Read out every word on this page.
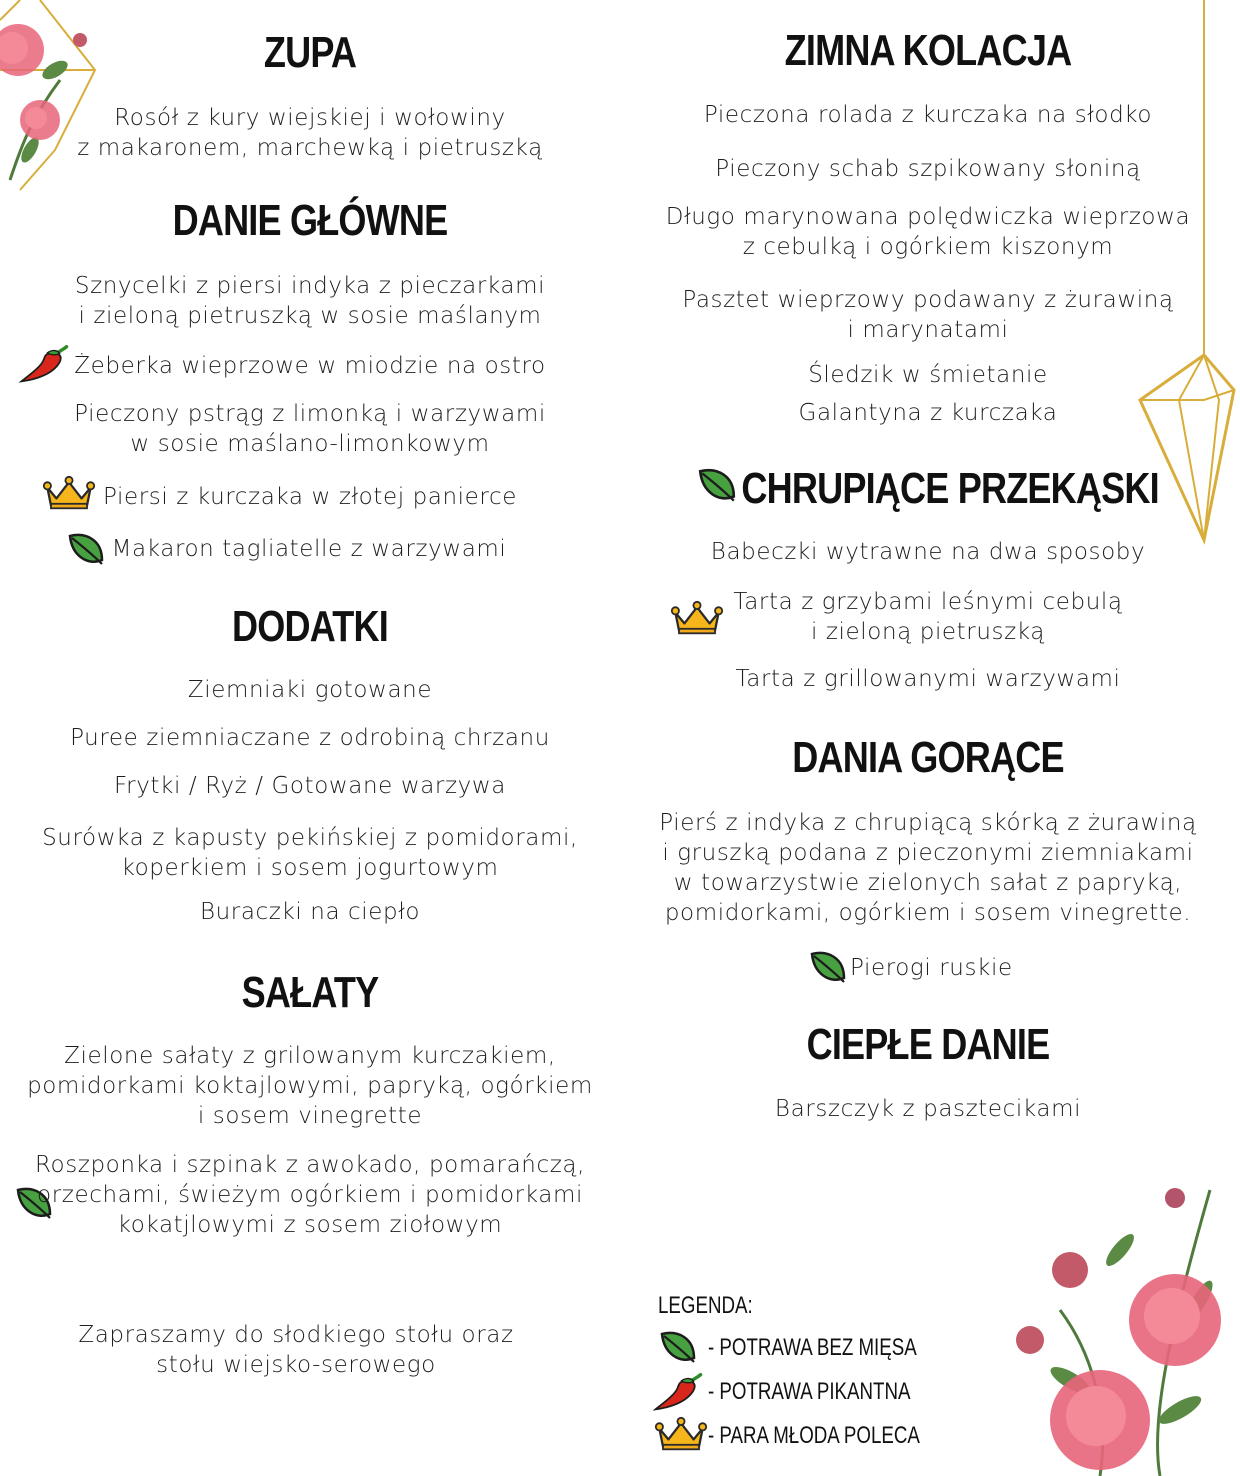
ZUPA
Rosół z kury wiejskiej i wołowiny
z makaronem, marchewką i pietruszką
DANIE GŁÓWNE
Sznycelki z piersi indyka z pieczarkami
i zieloną pietruszką w sosie maślanym
Żeberka wieprzowe w miodzie na ostro
Pieczony pstrąg z limonką i warzywami
w sosie maślano-limonkowym
Piersi z kurczaka w złotej panierce
Makaron tagliatelle z warzywami
DODATKI
Ziemniaki gotowane
Puree ziemniaczane z odrobiną chrzanu
Frytki / Ryż / Gotowane warzywa
Surówka z kapusty pekińskiej z pomidorami,
koperkiem i sosem jogurtowym
Buraczki na ciepło
SAŁATY
Zielone sałaty z grilowanym kurczakiem,
pomidorkami koktajlowymi, papryką, ogórkiem
i sosem vinegrette
Roszponka i szpinak z awokado, pomarańczą,
orzechami, świeżym ogórkiem i pomidorkami
kokatjlowymi z sosem ziołowym
Zapraszamy do słodkiego stołu oraz
stołu wiejsko-serowego
ZIMNA KOLACJA
Pieczona rolada z kurczaka na słodko
Pieczony schab szpikowany słoniną
Długo marynowana polędwiczka wieprzowa
z cebulką i ogórkiem kiszonym
Pasztet wieprzowy podawany z żurawiną
i marynatami
Śledzik w śmietanie
Galantyna z kurczaka
CHRUPIĄCE PRZEKĄSKI
Babeczki wytrawne na dwa sposoby
Tarta z grzybami leśnymi cebulą
i zieloną pietruszką
Tarta z grillowanymi warzywami
DANIA GORĄCE
Pierś z indyka z chrupiącą skórką z żurawiną
i gruszką podana z pieczonymi ziemniakami
w towarzystwie zielonych sałat z papryką,
pomidorkami, ogórkiem i sosem vinegrette.
Pierogi ruskie
CIEPŁE DANIE
Barszczyk z pasztecikami
LEGENDA:
- POTRAWA BEZ MIĘSA
- POTRAWA PIKANTNA
- PARA MŁODA POLECA
